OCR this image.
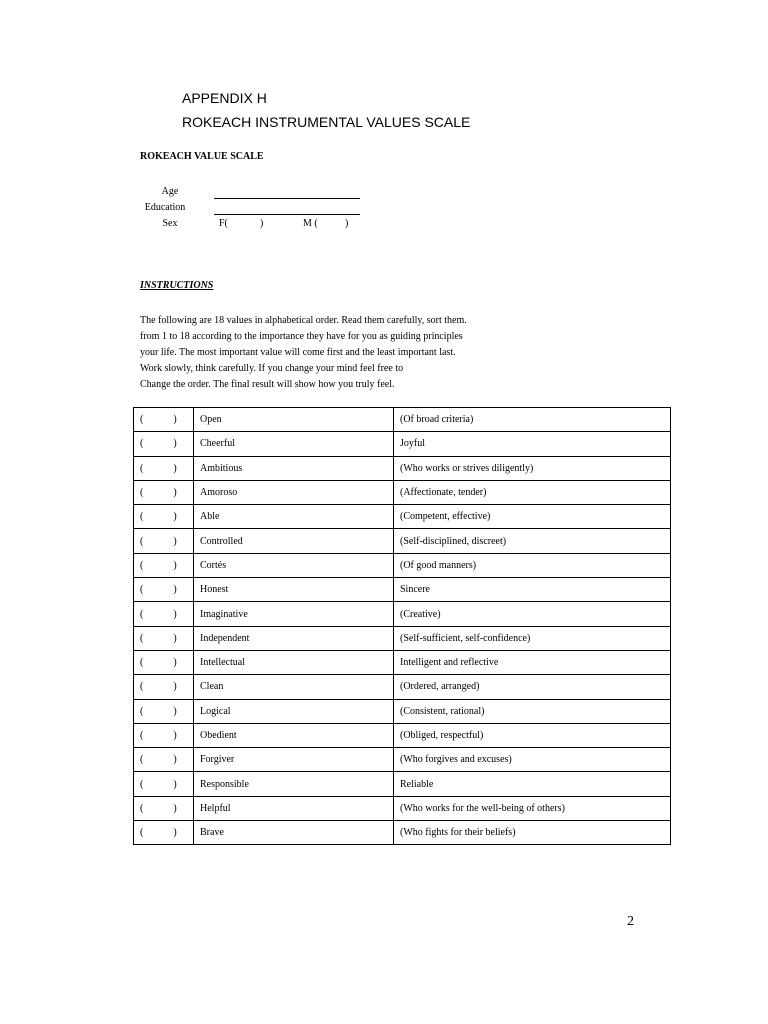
APPENDIX H

ROKEACH INSTRUMENTAL VALUES SCALE

ROKEACH VALUE SCALE

Age
Education
Sex	F(	)	M (	)

INSTRUCTIONS

The following are 18 values in alphabetical order. Read them carefully, sort them.
from 1 to 18 according to the importance they have for you as guiding principles
your life. The most important value will come first and the least important last.
Work slowly, think carefully. If you change your mind feel free to
Change the order. The final result will show how you truly feel.
( )	Open	(Of broad criteria)
( )	Cheerful	Joyful
( )	Ambitious	(Who works or strives diligently)
( )	Amoroso	(Affectionate, tender)
( )	Able	(Competent, effective)
( )	Controlled	(Self-disciplined, discreet)
( )	Cortés	(Of good manners)
( )	Honest	Sincere
( )	Imaginative	(Creative)
( )	Independent	(Self-sufficient, self-confidence)
( )	Intellectual	Intelligent and reflective
( )	Clean	(Ordered, arranged)
( )	Logical	(Consistent, rational)
( )	Obedient	(Obliged, respectful)
( )	Forgiver	(Who forgives and excuses)
( )	Responsible	Reliable
( )	Helpful	(Who works for the well-being of others)
( )	Brave	(Who fights for their beliefs)

2
